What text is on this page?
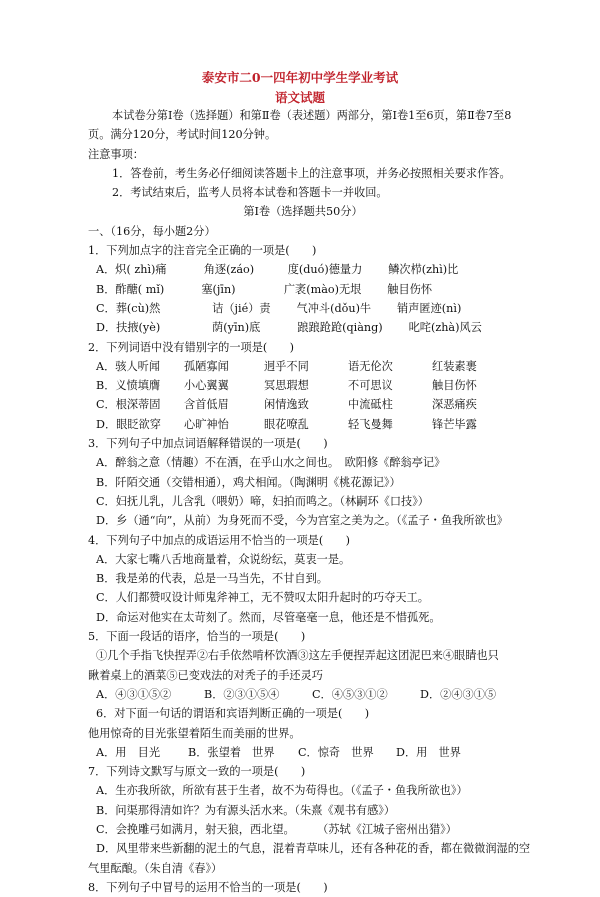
泰安市二0一四年初中学生学业考试
语文试题
本试卷分第Ⅰ卷（选择题）和第Ⅱ卷（表述题）两部分，第Ⅰ卷1至6页，第Ⅱ卷7至8
页。满分120分，考试时间120分钟。
注意事项：
1．答卷前，考生务必仔细阅读答题卡上的注意事项，并务必按照相关要求作答。
2．考试结束后，监考人员将本试卷和答题卡一并收回。
第Ⅰ卷（选择题共50分）
一、（16分，每小题2分）
1．下列加点字的注音完全正确的一项是(　　)
A．炽( zhì)痛　　　 角逐(záo)　　　度(duó)德量力　　 鳞次栉(zhì)比
B．酢醣( mǐ)　　　 塞(jīn)　　　　 广袤(mào)无垠　　 触目伤怀
C．葬(cù)然　　　 　 诘（jié）责　　 气冲斗(dǒu)牛　　 销声匿迹(nì)
D．扶掖(yè)　　　 　 荫(yīn)底　　　 踉踉跄跄(qiàng)　　 叱咤(zhà)风云
2．下列词语中没有错别字的一项是(　　)
A．骇人听闻 孤陋寡闻	迥乎不同	语无伦次	红装素裹
B．义愤填膺 小心翼翼	冥思瑕想	不可思议	触目伤怀
C．根深蒂固 含首低眉	闲情逸致	中流砥柱	深恶痛疾
D．眼眨欲穿 心旷神怡	眼花嘹乱	轻飞曼舞	锋芒毕露
3．下列句子中加点词语解释错误的一项是(　　)
A．醉翁之意（情趣）不在酒，在乎山水之间也。　欧阳修《醉翁亭记》
B．阡陌交通（交错相通），鸡犬相闻。（陶渊明《桃花源记》）
C．妇抚儿乳，儿含乳（喂奶）啼，妇拍而鸣之。（林嗣环《口技》）
D．乡（通“向”，从前）为身死而不受，今为宫室之美为之。（《孟子・鱼我所欲也》
4．下列句子中加点的成语运用不恰当的一项是(　　)
A．大家七嘴八舌地商量着，众说纷纭，莫衷一是。
B．我是弟的代表，总是一马当先，不甘自到。
C．人们都赞叹设计师鬼斧神工，无不赞叹太阳升起时的巧夺天工。
D．命运对他实在太苛刻了。然而，尽管毫毫一息，他还是不惜孤死。
5．下面一段话的语序，恰当的一项是(　　)
①几个手指飞快捏弄②右手依然啃杯饮酒③这左手便捏弄起这团泥巴来④眼睛也只
瞅着桌上的酒菜⑤已变戏法的对秃子的手还灵巧
A．④③①⑤②	B．②③①⑤④	C．④⑤③①②	D．②④③①⑤
6．对下面一句话的谓语和宾语判断正确的一项是(　　)
他用惊奇的目光张望着陌生而美丽的世界。
A．用　目光 B．张望着　世界 C．惊奇　世界 D．用　世界
7．下列诗文默写与原文一致的一项是(　　)
A．生亦我所欲，所欲有甚于生者，故不为苟得也。（《孟子・鱼我所欲也》）
B．问渠那得清如许？为有源头活水来。（朱熹《观书有感》）
C．会挽雕弓如满月，射天狼，西北望。　　　（苏轼《江城子密州出猎》）
D．风里带来些新翻的泥土的气息，混着青草味儿，还有各种花的香，都在微微润湿的空
气里酝酿。（朱自清《春》）
8．下列句子中冒号的运用不恰当的一项是(　　)
